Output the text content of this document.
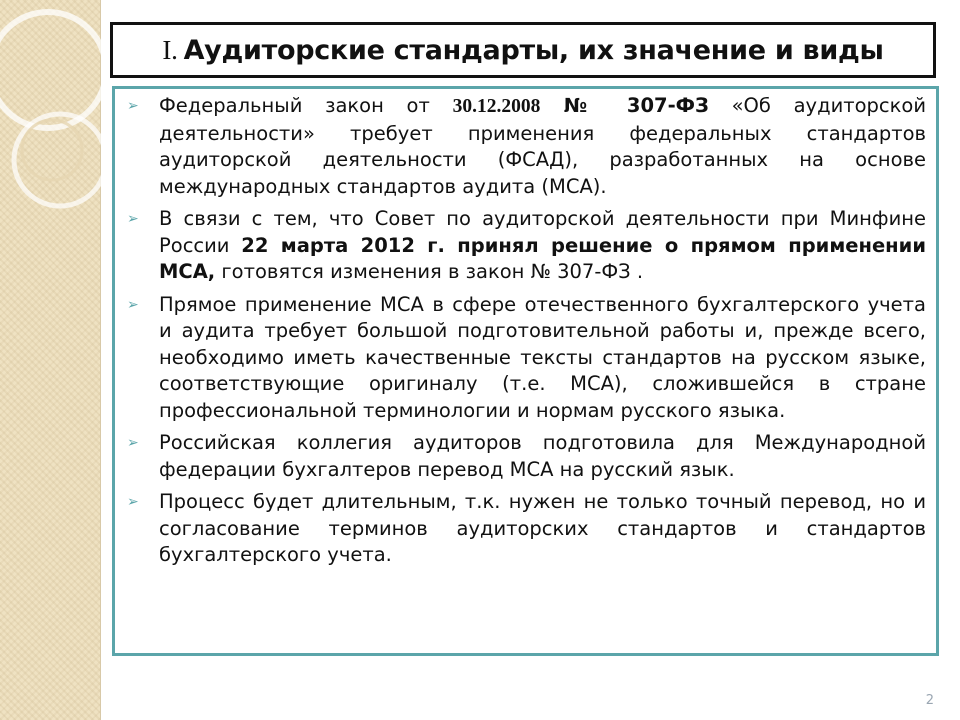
I. Аудиторские стандарты, их значение и виды
➢ Федеральный закон от 30.12.2008 № 307-ФЗ «Об аудиторской деятельности» требует применения федеральных стандартов аудиторской деятельности (ФСАД), разработанных на основе международных стандартов аудита (МСА).
➢ В связи с тем, что Совет по аудиторской деятельности при Минфине России 22 марта 2012 г. принял решение о прямом применении МСА, готовятся изменения в закон № 307-ФЗ .
➢ Прямое применение МСА в сфере отечественного бухгалтерского учета и аудита требует большой подготовительной работы и, прежде всего, необходимо иметь качественные тексты стандартов на русском языке, соответствующие оригиналу (т.е. МСА), сложившейся в стране профессиональной терминологии и нормам русского языка.
➢ Российская коллегия аудиторов подготовила для Международной федерации бухгалтеров перевод МСА на русский язык.
➢ Процесс будет длительным, т.к. нужен не только точный перевод, но и согласование терминов аудиторских стандартов и стандартов бухгалтерского учета.
2
